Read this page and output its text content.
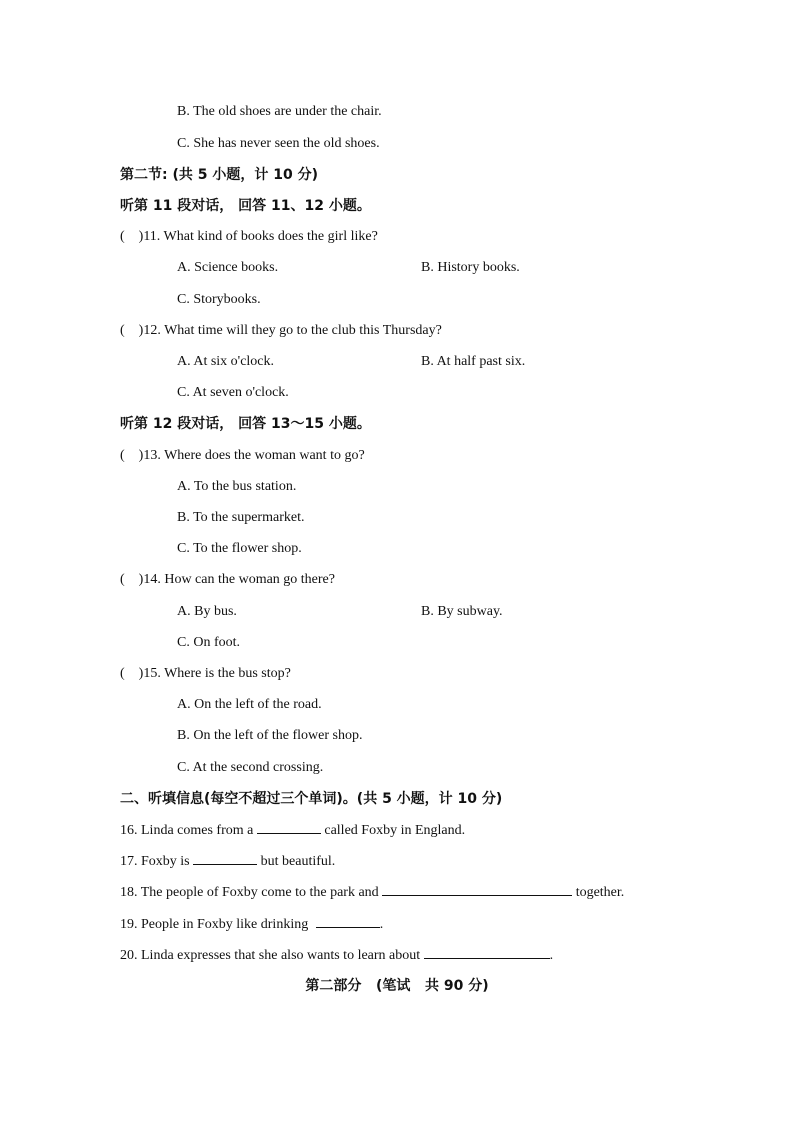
B. The old shoes are under the chair.
C. She has never seen the old shoes.
第二节: (共 5 小题，计 10 分)
听第 11 段对话， 回答 11、12 小题。
(    )11. What kind of books does the girl like?
A. Science books.	B. History books.
C. Storybooks.
(    )12. What time will they go to the club this Thursday?
A. At six o'clock.	B. At half past six.
C. At seven o'clock.
听第 12 段对话， 回答 13～15 小题。
(    )13. Where does the woman want to go?
A. To the bus station.
B. To the supermarket.
C. To the flower shop.
(    )14. How can the woman go there?
A. By bus.	B. By subway.
C. On foot.
(    )15. Where is the bus stop?
A. On the left of the road.
B. On the left of the flower shop.
C. At the second crossing.
二、听填信息(每空不超过三个单词)。(共 5 小题，计 10 分)
16. Linda comes from a	called Foxby in England.
17. Foxby is	but beautiful.
18. The people of Foxby come to the park and	together.
19. People in Foxby like drinking	.
20. Linda expresses that she also wants to learn about	.
第二部分   (笔试   共 90 分)
